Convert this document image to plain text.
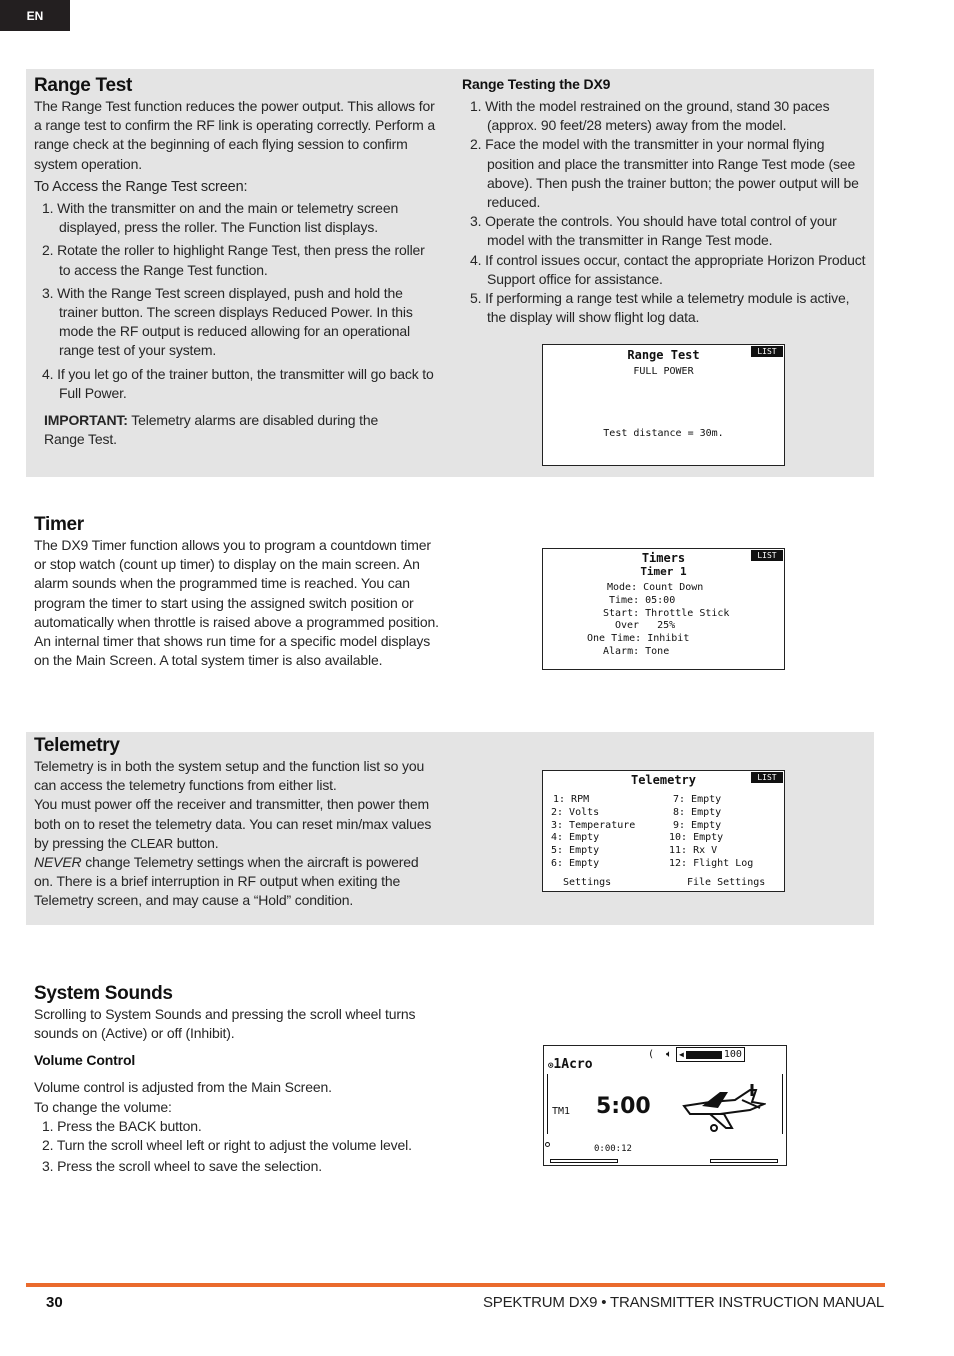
EN
Range Test

The Range Test function reduces the power output. This allows for a range test to confirm the RF link is operating correctly. Perform a range check at the beginning of each flying session to confirm system operation.

To Access the Range Test screen:

1. With the transmitter on and the main or telemetry screen displayed, press the roller. The Function list displays.
2. Rotate the roller to highlight Range Test, then press the roller to access the Range Test function.
3. With the Range Test screen displayed, push and hold the trainer button. The screen displays Reduced Power. In this mode the RF output is reduced allowing for an operational range test of your system.
4. If you let go of the trainer button, the transmitter will go back to Full Power.

IMPORTANT: Telemetry alarms are disabled during the Range Test.

Range Testing the DX9
1. With the model restrained on the ground, stand 30 paces (approx. 90 feet/28 meters) away from the model.
2. Face the model with the transmitter in your normal flying position and place the transmitter into Range Test mode (see above). Then push the trainer button; the power output will be reduced.
3. Operate the controls. You should have total control of your model with the transmitter in Range Test mode.
4. If control issues occur, contact the appropriate Horizon Product Support office for assistance.
5. If performing a range test while a telemetry module is active, the display will show flight log data.
LIST
Range Test
FULL POWER
Test distance = 30m.
Timer

The DX9 Timer function allows you to program a countdown timer or stop watch (count up timer) to display on the main screen. An alarm sounds when the programmed time is reached. You can program the timer to start using the assigned switch position or automatically when throttle is raised above a programmed position. An internal timer that shows run time for a specific model displays on the Main Screen. A total system timer is also available.

LIST
Timers
Timer 1
Mode: Count Down
Time: 05:00
Start: Throttle Stick
Over   25%
One Time: Inhibit
Alarm: Tone
Telemetry

Telemetry is in both the system setup and the function list so you can access the telemetry functions from either list.

You must power off the receiver and transmitter, then power them both on to reset the telemetry data. You can reset min/max values by pressing the CLEAR button.

NEVER change Telemetry settings when the aircraft is powered on. There is a brief interruption in RF output when exiting the Telemetry screen, and may cause a “Hold” condition.

LIST
Telemetry
1: RPM
2: Volts
3: Temperature
4: Empty
5: Empty
6: Empty
7: Empty
8: Empty
9: Empty
10: Empty
11: Rx V
12: Flight Log
Settings	File Settings
System Sounds

Scrolling to System Sounds and pressing the scroll wheel turns sounds on (Active) or off (Inhibit).

Volume Control

Volume control is adjusted from the Main Screen.

To change the volume:

1. Press the BACK button.
2. Turn the scroll wheel left or right to adjust the volume level.
3. Press the scroll wheel to save the selection.
⊙1Acro
( 🔈︎ ◀	100
TM1 5:00
0:00:12
30	SPEKTRUM DX9 • TRANSMITTER INSTRUCTION MANUAL
